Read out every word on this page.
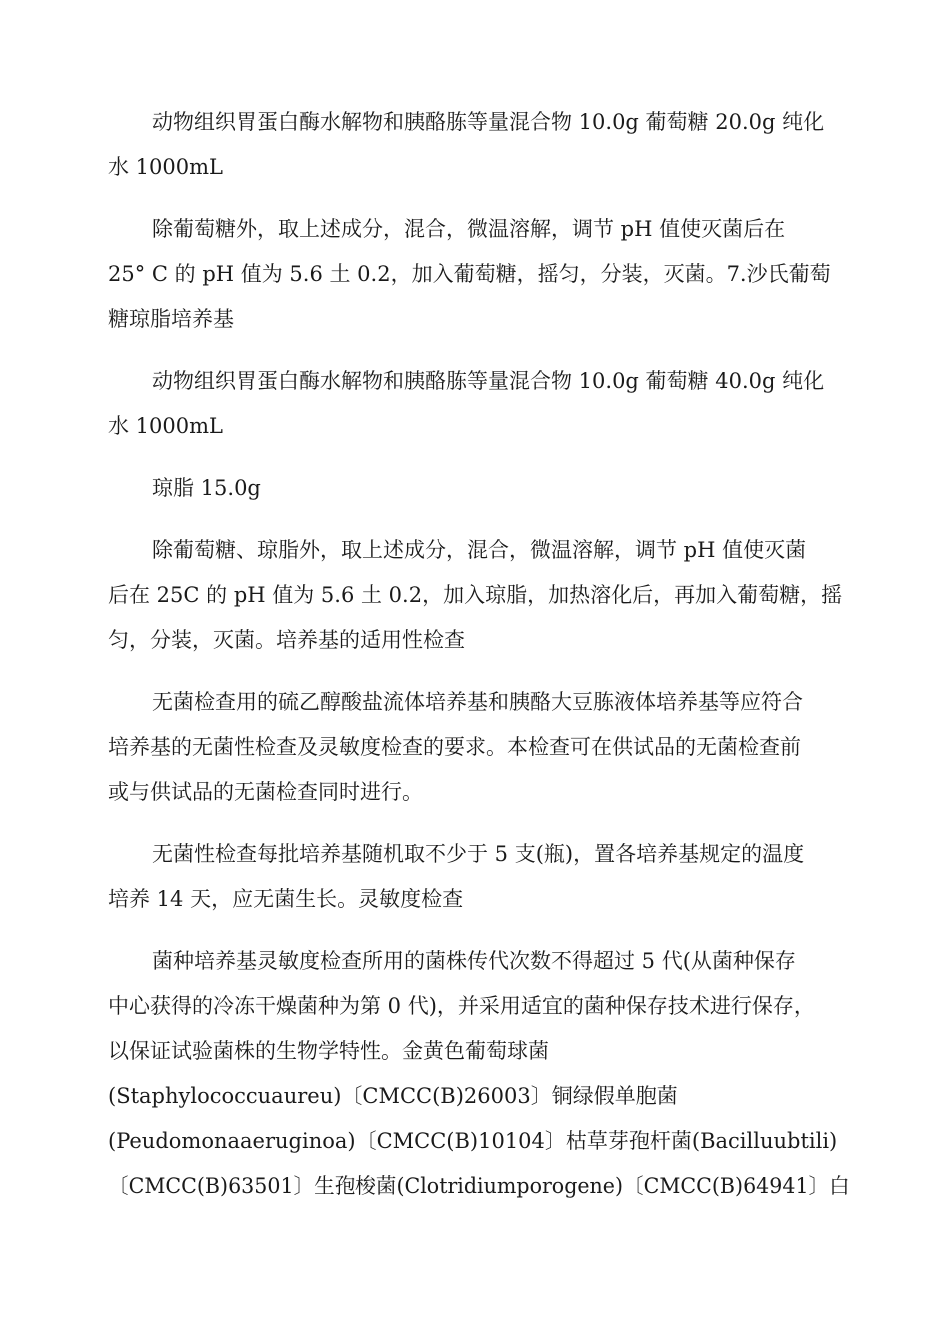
动物组织胃蛋白酶水解物和胰酪胨等量混合物 10.0g 葡萄糖 20.0g 纯化
水 1000mL
除葡萄糖外，取上述成分，混合，微温溶解，调节 pH 值使灭菌后在
25° C 的 pH 值为 5.6 土 0.2，加入葡萄糖，摇匀，分装，灭菌。7.沙氏葡萄
糖琼脂培养基
动物组织胃蛋白酶水解物和胰酪胨等量混合物 10.0g 葡萄糖 40.0g 纯化
水 1000mL
琼脂 15.0g
除葡萄糖、琼脂外，取上述成分，混合，微温溶解，调节 pH 值使灭菌
后在 25C 的 pH 值为 5.6 土 0.2，加入琼脂，加热溶化后，再加入葡萄糖，摇
匀，分装，灭菌。培养基的适用性检查
无菌检查用的硫乙醇酸盐流体培养基和胰酪大豆胨液体培养基等应符合
培养基的无菌性检查及灵敏度检查的要求。本检查可在供试品的无菌检查前
或与供试品的无菌检查同时进行。
无菌性检查每批培养基随机取不少于 5 支(瓶)，置各培养基规定的温度
培养 14 天，应无菌生长。灵敏度检查
菌种培养基灵敏度检查所用的菌株传代次数不得超过 5 代(从菌种保存
中心获得的冷冻干燥菌种为第 0 代)，并采用适宜的菌种保存技术进行保存，
以保证试验菌株的生物学特性。金黄色葡萄球菌
(Staphylococcuaureu)〔CMCC(B)26003〕铜绿假单胞菌
(Peudomonaaeruginoa)〔CMCC(B)10104〕枯草芽孢杆菌(Bacilluubtili)
〔CMCC(B)63501〕生孢梭菌(Clotridiumporogene)〔CMCC(B)64941〕白
